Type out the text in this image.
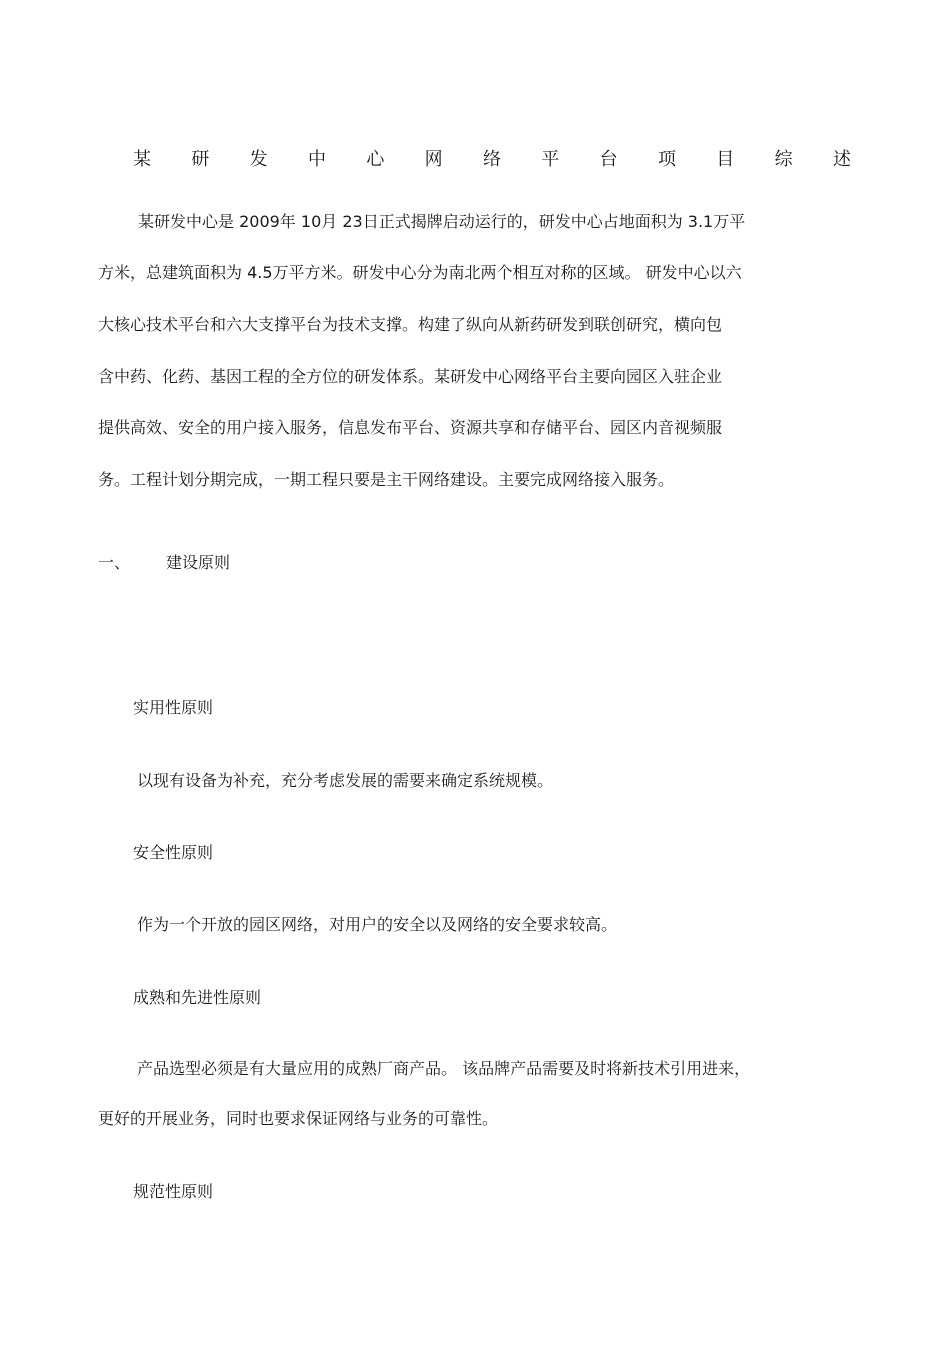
某 研 发 中 心 网 络 平 台 项 目 综 述
某研发中心是 2009年 10月 23日正式揭牌启动运行的，研发中心占地面积为 3.1万平
方米，总建筑面积为 4.5万平方米。研发中心分为南北两个相互对称的区域。 研发中心以六
大核心技术平台和六大支撑平台为技术支撑。构建了纵向从新药研发到联创研究，横向包
含中药、化药、基因工程的全方位的研发体系。某研发中心网络平台主要向园区入驻企业
提供高效、安全的用户接入服务，信息发布平台、资源共享和存储平台、园区内音视频服
务。工程计划分期完成，一期工程只要是主干网络建设。主要完成网络接入服务。
一、 建设原则
实用性原则
以现有设备为补充，充分考虑发展的需要来确定系统规模。
安全性原则
作为一个开放的园区网络，对用户的安全以及网络的安全要求较高。
成熟和先进性原则
产品选型必须是有大量应用的成熟厂商产品。 该品牌产品需要及时将新技术引用进来，
更好的开展业务，同时也要求保证网络与业务的可靠性。
规范性原则
